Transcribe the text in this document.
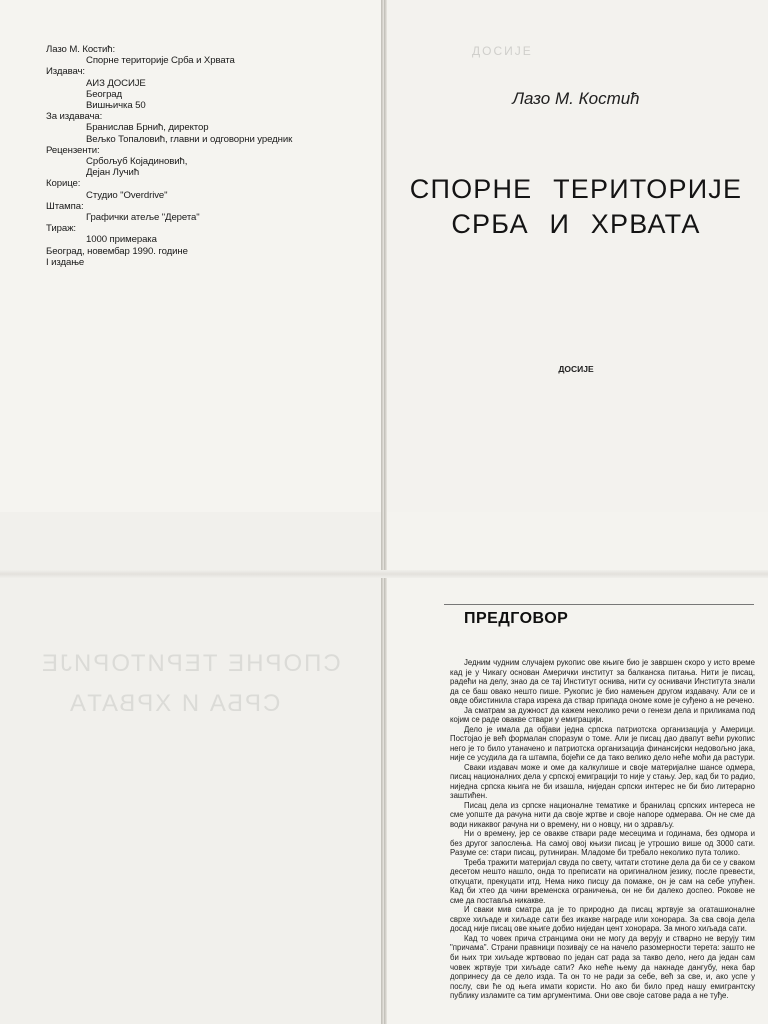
Лазо М. Костић:
Спорне територије Срба и Хрвата
Издавач:
АИЗ ДОСИЈЕ
Београд
Вишњичка 50
За издавача:
Бранислав Брнић, директор
Вељко Топаловић, главни и одговорни уредник
Рецензенти:
Србољуб Којадиновић,
Дејан Лучић
Корице:
Студио "Overdrive"
Штампа:
Графички атеље "Дерета"
Тираж:
1000 примерака
Београд, новембар 1990. године
I издање
ДОСИЈЕ
Лазо М. Костић
СПОРНЕ ТЕРИТОРИЈЕ
СРБА И ХРВАТА
ДОСИЈЕ
СПОРНЕ ТЕРИТОРИЈЕ
СРБА И ХРВАТА
ПРЕДГОВОР

Једним чудним случајем рукопис ове књиге био је завршен скоро у исто време кад је у Чикагу основан Амерички институт за балканска питања. Нити је писац, радећи на делу, знао да се тај Институт оснива, нити су оснивачи Института знали да се баш овако нешто пише. Рукопис је био намењен другом издавачу. Али се и овде обистинила стара изрека да ствар припада ономе коме је суђено а не речено.

Ја сматрам за дужност да кажем неколико речи о генези дела и приликама под којим се раде овакве ствари у емиграцији.

Дело је имала да објави једна српска патриотска организација у Америци. Постојао је већ формалан споразум о томе. Али је писац дао двапут већи рукопис него је то било утаначено и патриотска организација финансијски недовољно јака, није се усудила да га штампа, бојећи се да тако велико дело неће моћи да растури.

Сваки издавач може и оме да калкулише и своје материјалне шансе одмера, писац националних дела у српској емиграцији то није у стању. Јер, кад би то радио, ниједна српска књига не би изашла, ниједан српски интерес не би био литерарно заштићен.

Писац дела из српске националне тематике и бранилац српских интереса не сме уопште да рачуна нити да своје жртве и своје напоре одмерава. Он не сме да води никаквог рачуна ни о времену, ни о новцу, ни о здрављу.

Ни о времену, јер се овакве ствари раде месецима и годинама, без одмора и без другог запослења. На самој овој књизи писац је утрошио више од 3000 сати. Разуме се: стари писац, рутиниран. Младоме би требало неколико пута толико.

Треба тражити материјал свуда по свету, читати стотине дела да би се у сваком десетом нешто нашло, онда то преписати на оригиналном језику, после превести, откуцати, прекуцати итд. Нема нико писцу да помаже, он је сам на себе упућен. Кад би хтео да чини временска ограничења, он не би далеко доспео. Рокове не сме да поставља никакве.

И сваки мив сматра да је то природно да писац жртвује за огаташионалне сврхе хиљаде и хиљаде сати без икакве награде или хонорара. За сва своја дела досад није писац ове књиге добио ниједан цент хонорара. За много хиљада сати.

Кад то човек прича странцима они не могу да верују и стварно не верују тим "причама". Страни правници позивају се на начело разомерности терета: зашто не би њих три хиљаде жртвовао по један сат рада за такво дело, него да један сам човек жртвује три хиљаде сати? Ако неће њему да накнаде дангубу, нека бар допринесу да се дело изда. Та он то не ради за себе, већ за све, и, ако успе у послу, сви ћe од њега имати користи. Но ако би било пред нашу емигрантску публику изламите са тим аргументима. Они ове своје сатове рада а не туђе.
